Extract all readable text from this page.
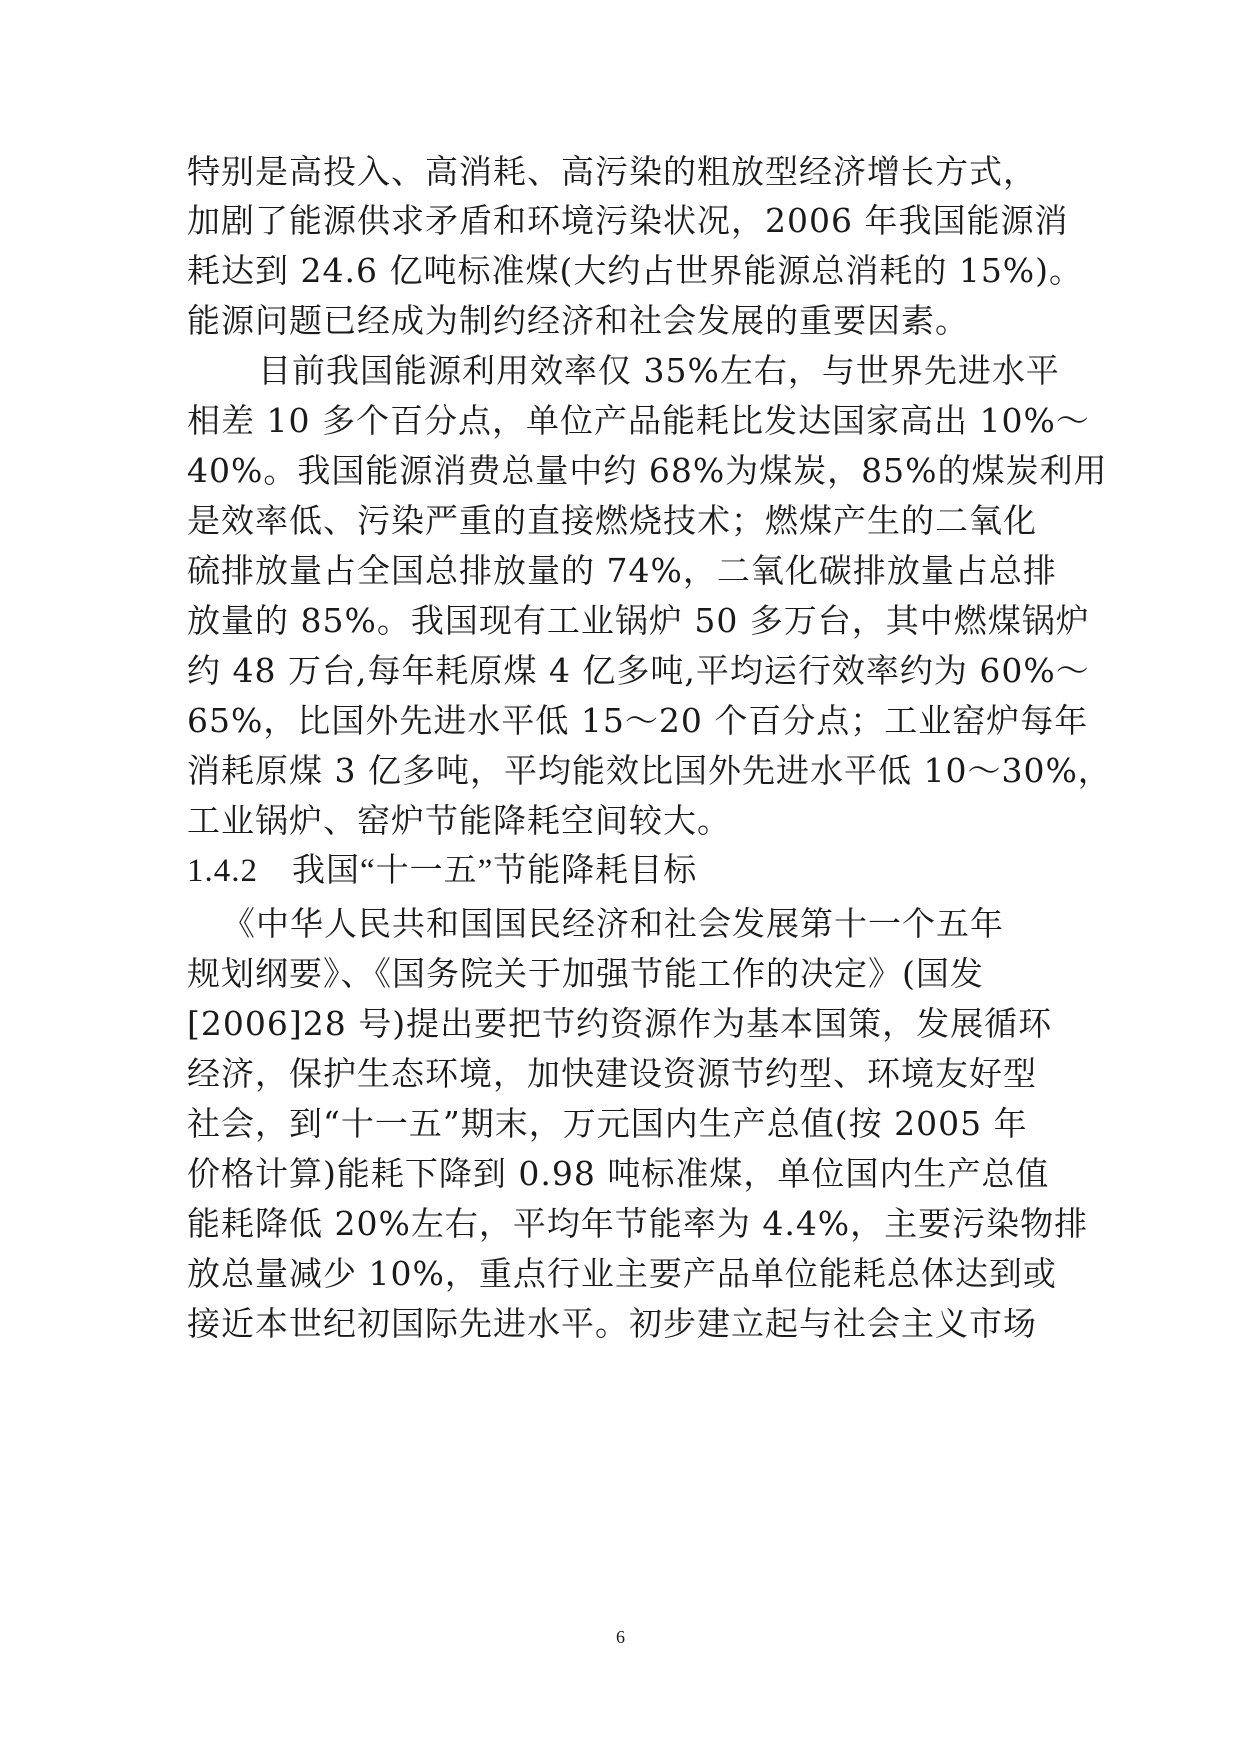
特别是高投入、高消耗、高污染的粗放型经济增长方式，
加剧了能源供求矛盾和环境污染状况，2006 年我国能源消
耗达到 24.6 亿吨标准煤(大约占世界能源总消耗的 15%)。
能源问题已经成为制约经济和社会发展的重要因素。
目前我国能源利用效率仅 35%左右，与世界先进水平
相差 10 多个百分点，单位产品能耗比发达国家高出 10%～
40%。我国能源消费总量中约 68%为煤炭，85%的煤炭利用
是效率低、污染严重的直接燃烧技术；燃煤产生的二氧化
硫排放量占全国总排放量的 74%，二氧化碳排放量占总排
放量的 85%。我国现有工业锅炉 50 多万台，其中燃煤锅炉
约 48 万台,每年耗原煤 4 亿多吨,平均运行效率约为 60%～
65%，比国外先进水平低 15～20 个百分点；工业窑炉每年
消耗原煤 3 亿多吨，平均能效比国外先进水平低 10～30%，
工业锅炉、窑炉节能降耗空间较大。
1.4.2　我国“十一五”节能降耗目标
《中华人民共和国国民经济和社会发展第十一个五年
规划纲要》、《国务院关于加强节能工作的决定》(国发
[2006]28 号)提出要把节约资源作为基本国策，发展循环
经济，保护生态环境，加快建设资源节约型、环境友好型
社会，到“十一五”期末，万元国内生产总值(按 2005 年
价格计算)能耗下降到 0.98 吨标准煤，单位国内生产总值
能耗降低 20%左右，平均年节能率为 4.4%，主要污染物排
放总量减少 10%，重点行业主要产品单位能耗总体达到或
接近本世纪初国际先进水平。初步建立起与社会主义市场
6
